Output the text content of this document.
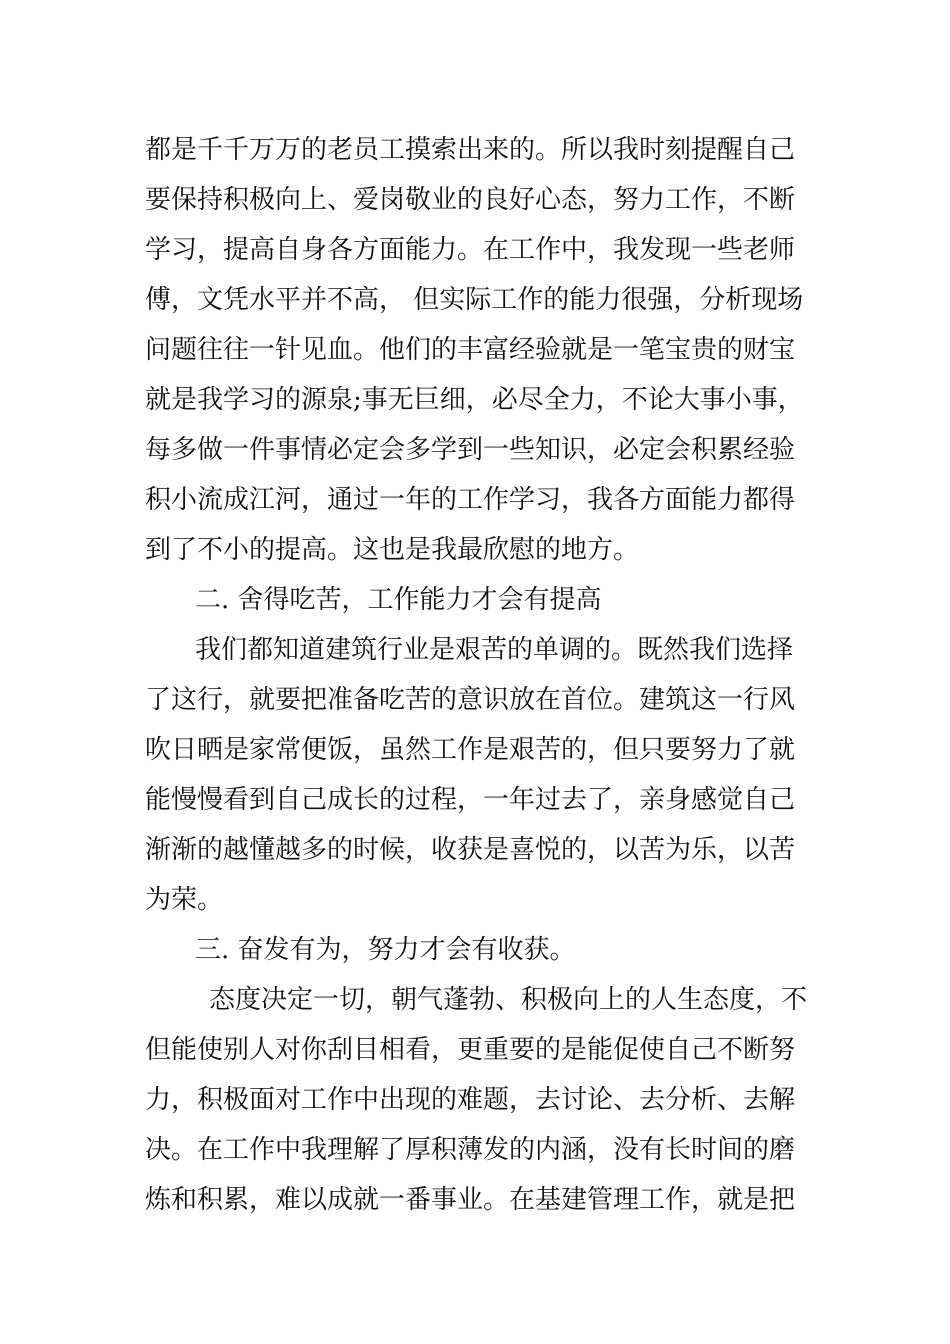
都是千千万万的老员工摸索出来的。所以我时刻提醒自己
要保持积极向上、爱岗敬业的良好心态，努力工作，不断
学习，提高自身各方面能力。在工作中，我发现一些老师
傅，文凭水平并不高， 但实际工作的能力很强，分析现场
问题往往一针见血。他们的丰富经验就是一笔宝贵的财宝
就是我学习的源泉;事无巨细，必尽全力，不论大事小事，
每多做一件事情必定会多学到一些知识，必定会积累经验
积小流成江河，通过一年的工作学习，我各方面能力都得
到了不小的提高。这也是我最欣慰的地方。
二. 舍得吃苦，工作能力才会有提高
我们都知道建筑行业是艰苦的单调的。既然我们选择
了这行，就要把准备吃苦的意识放在首位。建筑这一行风
吹日晒是家常便饭，虽然工作是艰苦的，但只要努力了就
能慢慢看到自己成长的过程，一年过去了，亲身感觉自己
渐渐的越懂越多的时候，收获是喜悦的，以苦为乐，以苦
为荣。
三. 奋发有为，努力才会有收获。
态度决定一切，朝气蓬勃、积极向上的人生态度，不
但能使别人对你刮目相看，更重要的是能促使自己不断努
力，积极面对工作中出现的难题，去讨论、去分析、去解
决。在工作中我理解了厚积薄发的内涵，没有长时间的磨
炼和积累，难以成就一番事业。在基建管理工作，就是把
